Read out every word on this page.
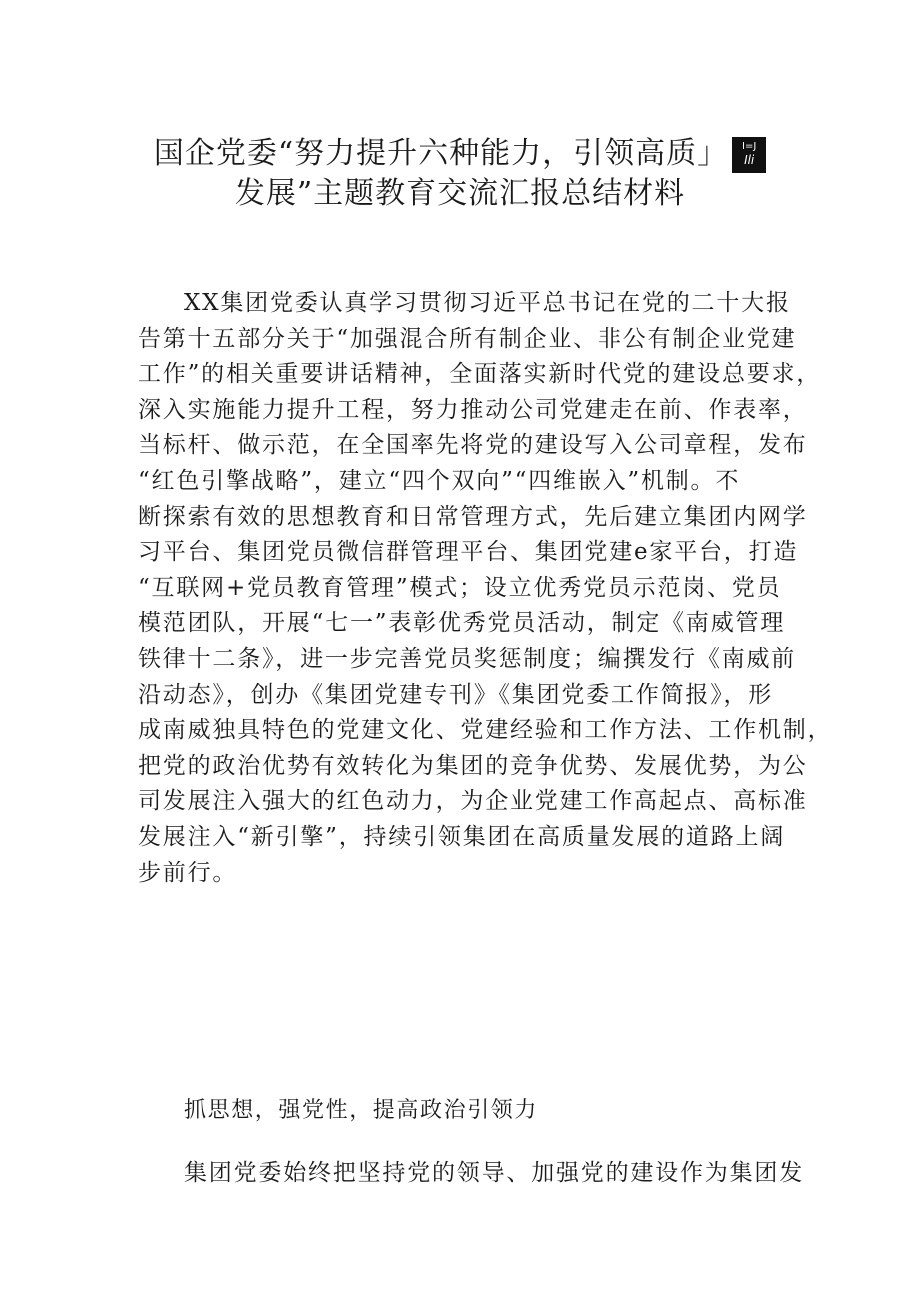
国企党委“努力提升六种能力，引领高质」	I=J
Ili
发展”主题教育交流汇报总结材料
XX集团党委认真学习贯彻习近平总书记在党的二十大报
告第十五部分关于“加强混合所有制企业、非公有制企业党建
工作”的相关重要讲话精神，全面落实新时代党的建设总要求，
深入实施能力提升工程，努力推动公司党建走在前、作表率，
当标杆、做示范，在全国率先将党的建设写入公司章程，发布
“红色引擎战略”，建立“四个双向”“四维嵌入”机制。不
断探索有效的思想教育和日常管理方式，先后建立集团内网学
习平台、集团党员微信群管理平台、集团党建e家平台，打造
“互联网+党员教育管理”模式；设立优秀党员示范岗、党员
模范团队，开展“七一”表彰优秀党员活动，制定《南威管理
铁律十二条》，进一步完善党员奖惩制度；编撰发行《南威前
沿动态》，创办《集团党建专刊》《集团党委工作简报》，形
成南威独具特色的党建文化、党建经验和工作方法、工作机制，
把党的政治优势有效转化为集团的竞争优势、发展优势，为公
司发展注入强大的红色动力，为企业党建工作高起点、高标准
发展注入“新引擎”，持续引领集团在高质量发展的道路上阔
步前行。
抓思想，强党性，提高政治引领力
集团党委始终把坚持党的领导、加强党的建设作为集团发
